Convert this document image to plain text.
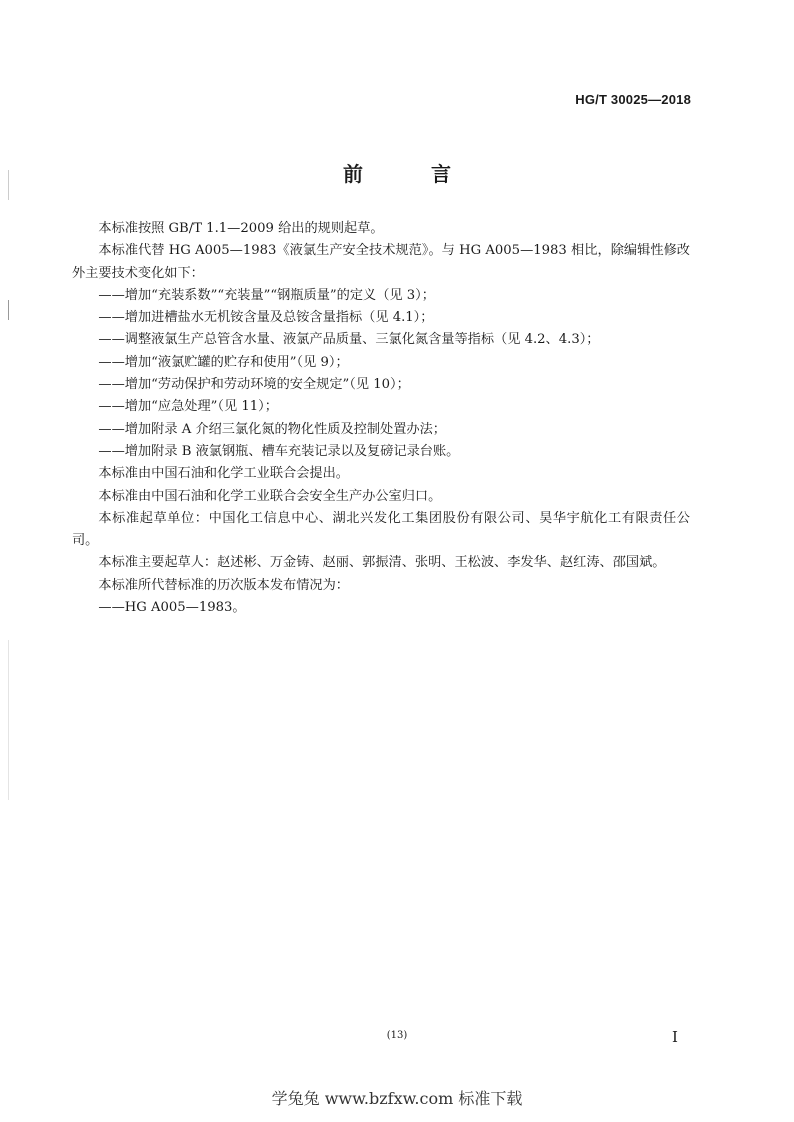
HG/T 30025—2018
前　言

本标准按照 GB/T 1.1—2009 给出的规则起草。

本标准代替 HG A005—1983《液氯生产安全技术规范》。与 HG A005—1983 相比，除编辑性修改外主要技术变化如下：

——增加“充装系数”“充装量”“钢瓶质量”的定义（见 3）；

——增加进槽盐水无机铵含量及总铵含量指标（见 4.1）；

——调整液氯生产总管含水量、液氯产品质量、三氯化氮含量等指标（见 4.2、4.3）；

——增加“液氯贮罐的贮存和使用”（见 9）；

——增加“劳动保护和劳动环境的安全规定”（见 10）；

——增加“应急处理”（见 11）；

——增加附录 A 介绍三氯化氮的物化性质及控制处置办法；

——增加附录 B 液氯钢瓶、槽车充装记录以及复磅记录台账。

本标准由中国石油和化学工业联合会提出。

本标准由中国石油和化学工业联合会安全生产办公室归口。

本标准起草单位：中国化工信息中心、湖北兴发化工集团股份有限公司、昊华宇航化工有限责任公司。

本标准主要起草人：赵述彬、万金铸、赵丽、郭振清、张明、王松波、李发华、赵红涛、邵国斌。

本标准所代替标准的历次版本发布情况为：

——HG A005—1983。

(13)	I
学兔兔 www.bzfxw.com 标准下载
